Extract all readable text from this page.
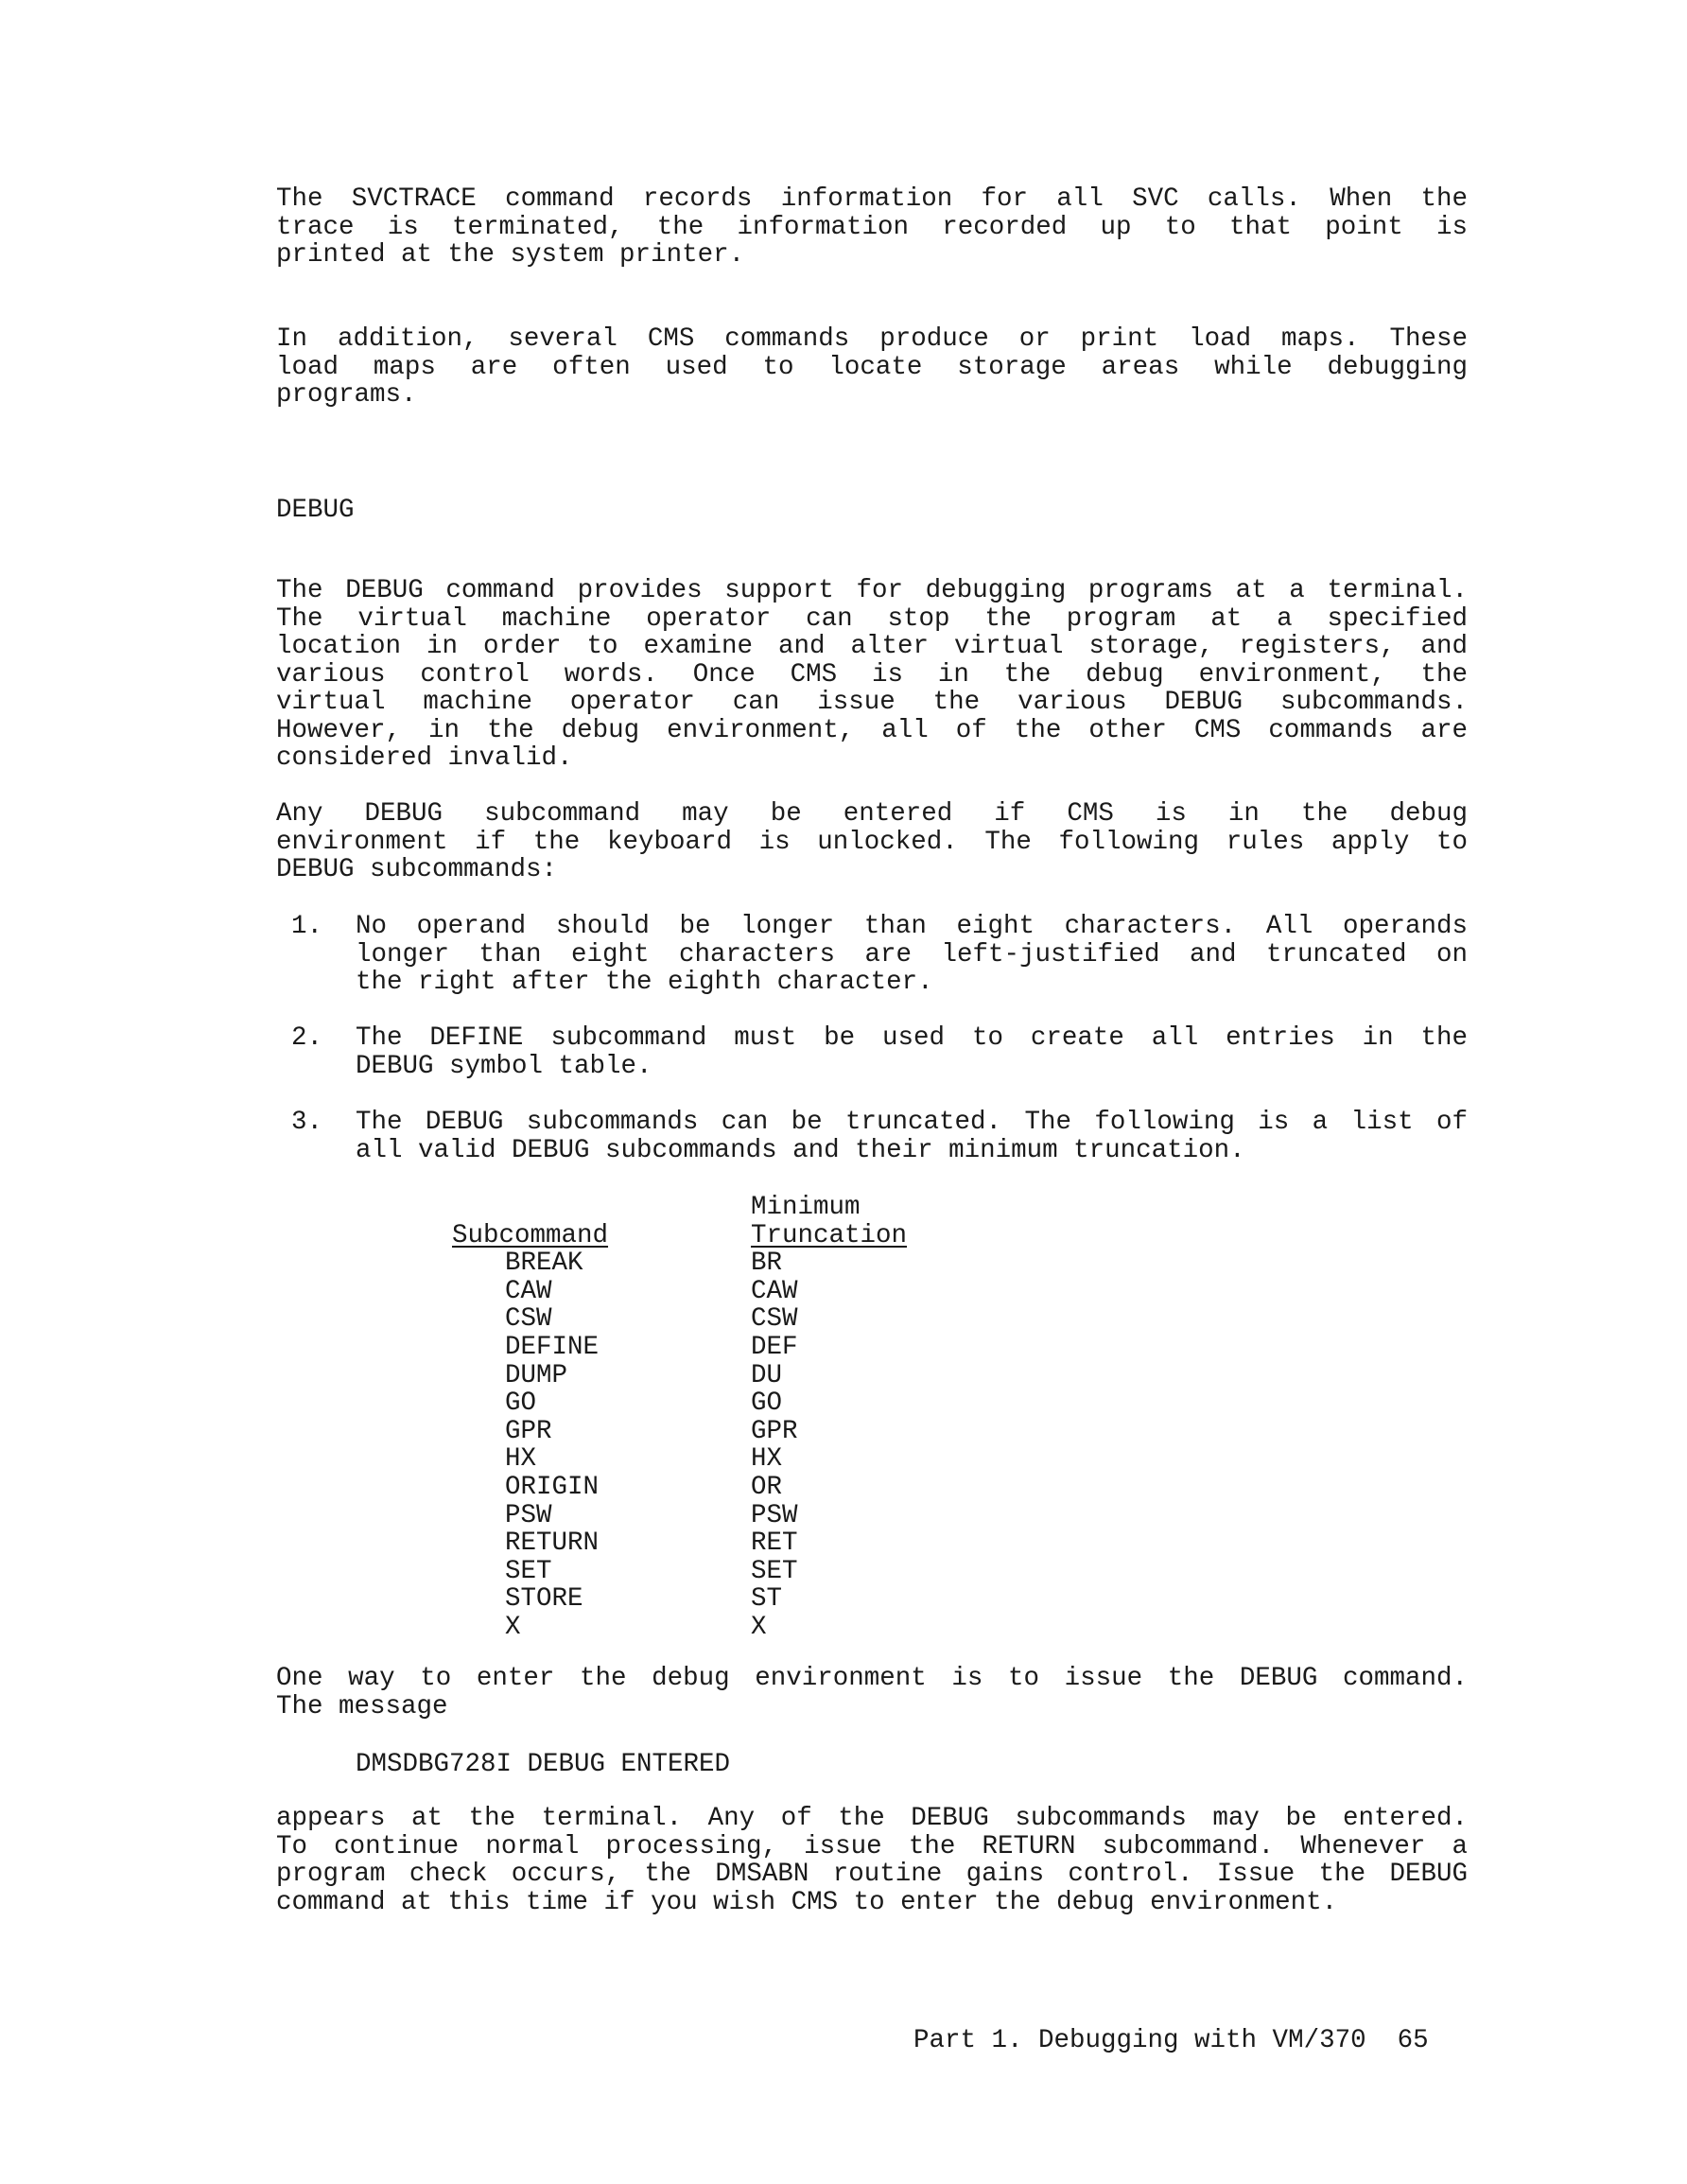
The SVCTRACE command records information for all SVC calls. When the

trace is terminated, the information recorded up to that point is

printed at the system printer.

In addition, several CMS commands produce or print load maps. These

load maps are often used to locate storage areas while debugging

programs.

DEBUG

The DEBUG command provides support for debugging programs at a terminal.

The virtual machine operator can stop the program at a specified

location in order to examine and alter virtual storage, registers, and

various control words. Once CMS is in the debug environment, the

virtual machine operator can issue the various DEBUG subcommands.

However, in the debug environment, all of the other CMS commands are

considered invalid.

Any DEBUG subcommand may be entered if CMS is in the debug

environment if the keyboard is unlocked. The following rules apply to

DEBUG subcommands:

1. No operand should be longer than eight characters. All operands

longer than eight characters are left-justified and truncated on

the right after the eighth character.

2. The DEFINE subcommand must be used to create all entries in the

DEBUG symbol table.

3. The DEBUG subcommands can be truncated. The following is a list of

all valid DEBUG subcommands and their minimum truncation.

Minimum
Subcommand	Truncation
BREAK	BR
CAW	CAW
CSW	CSW
DEFINE	DEF
DUMP	DU
GO	GO
GPR	GPR
HX	HX
ORIGIN	OR
PSW	PSW
RETURN	RET
SET	SET
STORE	ST
X	X

One way to enter the debug environment is to issue the DEBUG command.

The message

DMSDBG728I DEBUG ENTERED

appears at the terminal. Any of the DEBUG subcommands may be entered.

To continue normal processing, issue the RETURN subcommand. Whenever a

program check occurs, the DMSABN routine gains control. Issue the DEBUG

command at this time if you wish CMS to enter the debug environment.

Part 1. Debugging with VM/370  65
